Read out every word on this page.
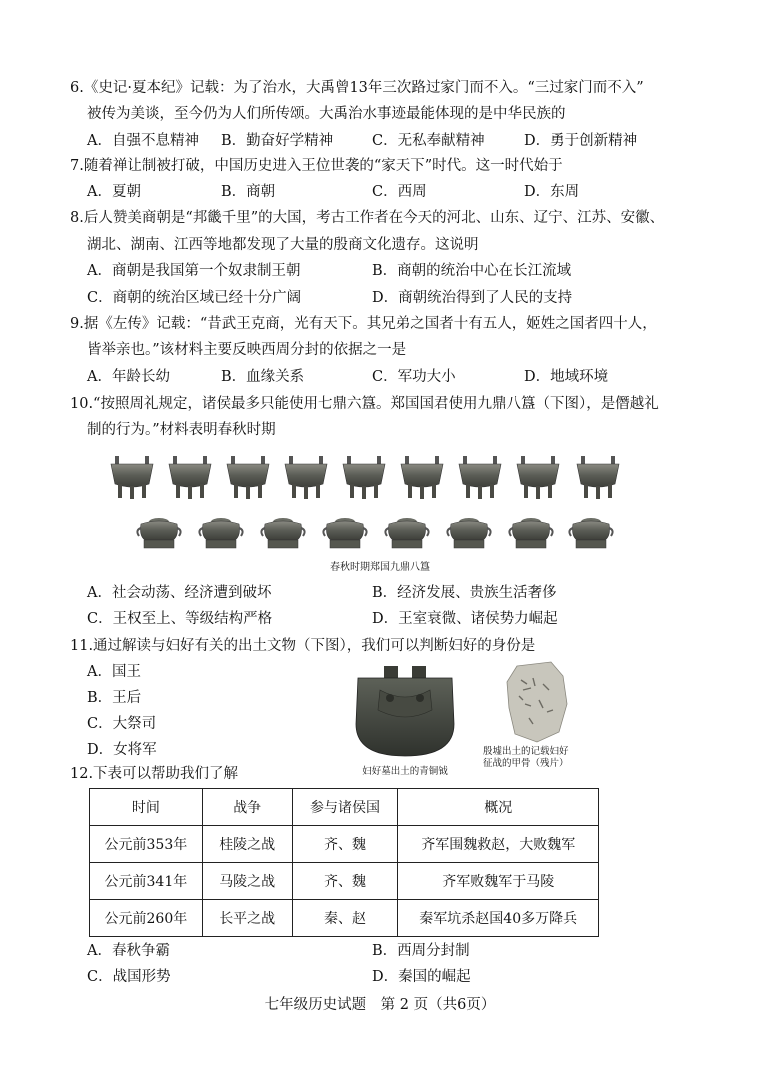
6.《史记·夏本纪》记载：为了治水，大禹曾13年三次路过家门而不入。“三过家门而不入”
被传为美谈，至今仍为人们所传颂。大禹治水事迹最能体现的是中华民族的
A．自强不息精神 B．勤奋好学精神	C．无私奉献精神	D．勇于创新精神
7.随着禅让制被打破，中国历史进入王位世袭的“家天下”时代。这一时代始于
A．夏朝	B．商朝	C．西周	D．东周
8.后人赞美商朝是“邦畿千里”的大国，考古工作者在今天的河北、山东、辽宁、江苏、安徽、
湖北、湖南、江西等地都发现了大量的殷商文化遗存。这说明
A．商朝是我国第一个奴隶制王朝	B．商朝的统治中心在长江流域
C．商朝的统治区域已经十分广阔	D．商朝统治得到了人民的支持
9.据《左传》记载：“昔武王克商，光有天下。其兄弟之国者十有五人，姬姓之国者四十人，
皆举亲也。”该材料主要反映西周分封的依据之一是
A．年龄长幼	B．血缘关系	C．军功大小	D．地域环境
10.“按照周礼规定，诸侯最多只能使用七鼎六簋。郑国国君使用九鼎八簋（下图），是僭越礼
制的行为。”材料表明春秋时期
春秋时期郑国九鼎八簋
A．社会动荡、经济遭到破坏	B．经济发展、贵族生活奢侈
C．王权至上、等级结构严格	D．王室衰微、诸侯势力崛起
11.通过解读与妇好有关的出土文物（下图），我们可以判断妇好的身份是
A．国王
B．王后
C．大祭司
D．女将军
妇好墓出土的青铜钺
殷墟出土的记载妇好
征战的甲骨（残片）
12.下表可以帮助我们了解
时间	战争	参与诸侯国	概况
公元前353年	桂陵之战	齐、魏	齐军围魏救赵，大败魏军
公元前341年	马陵之战	齐、魏	齐军败魏军于马陵
公元前260年	长平之战	秦、赵	秦军坑杀赵国40多万降兵
A．春秋争霸	B．西周分封制
C．战国形势	D．秦国的崛起
七年级历史试题　第 2 页（共6页）
